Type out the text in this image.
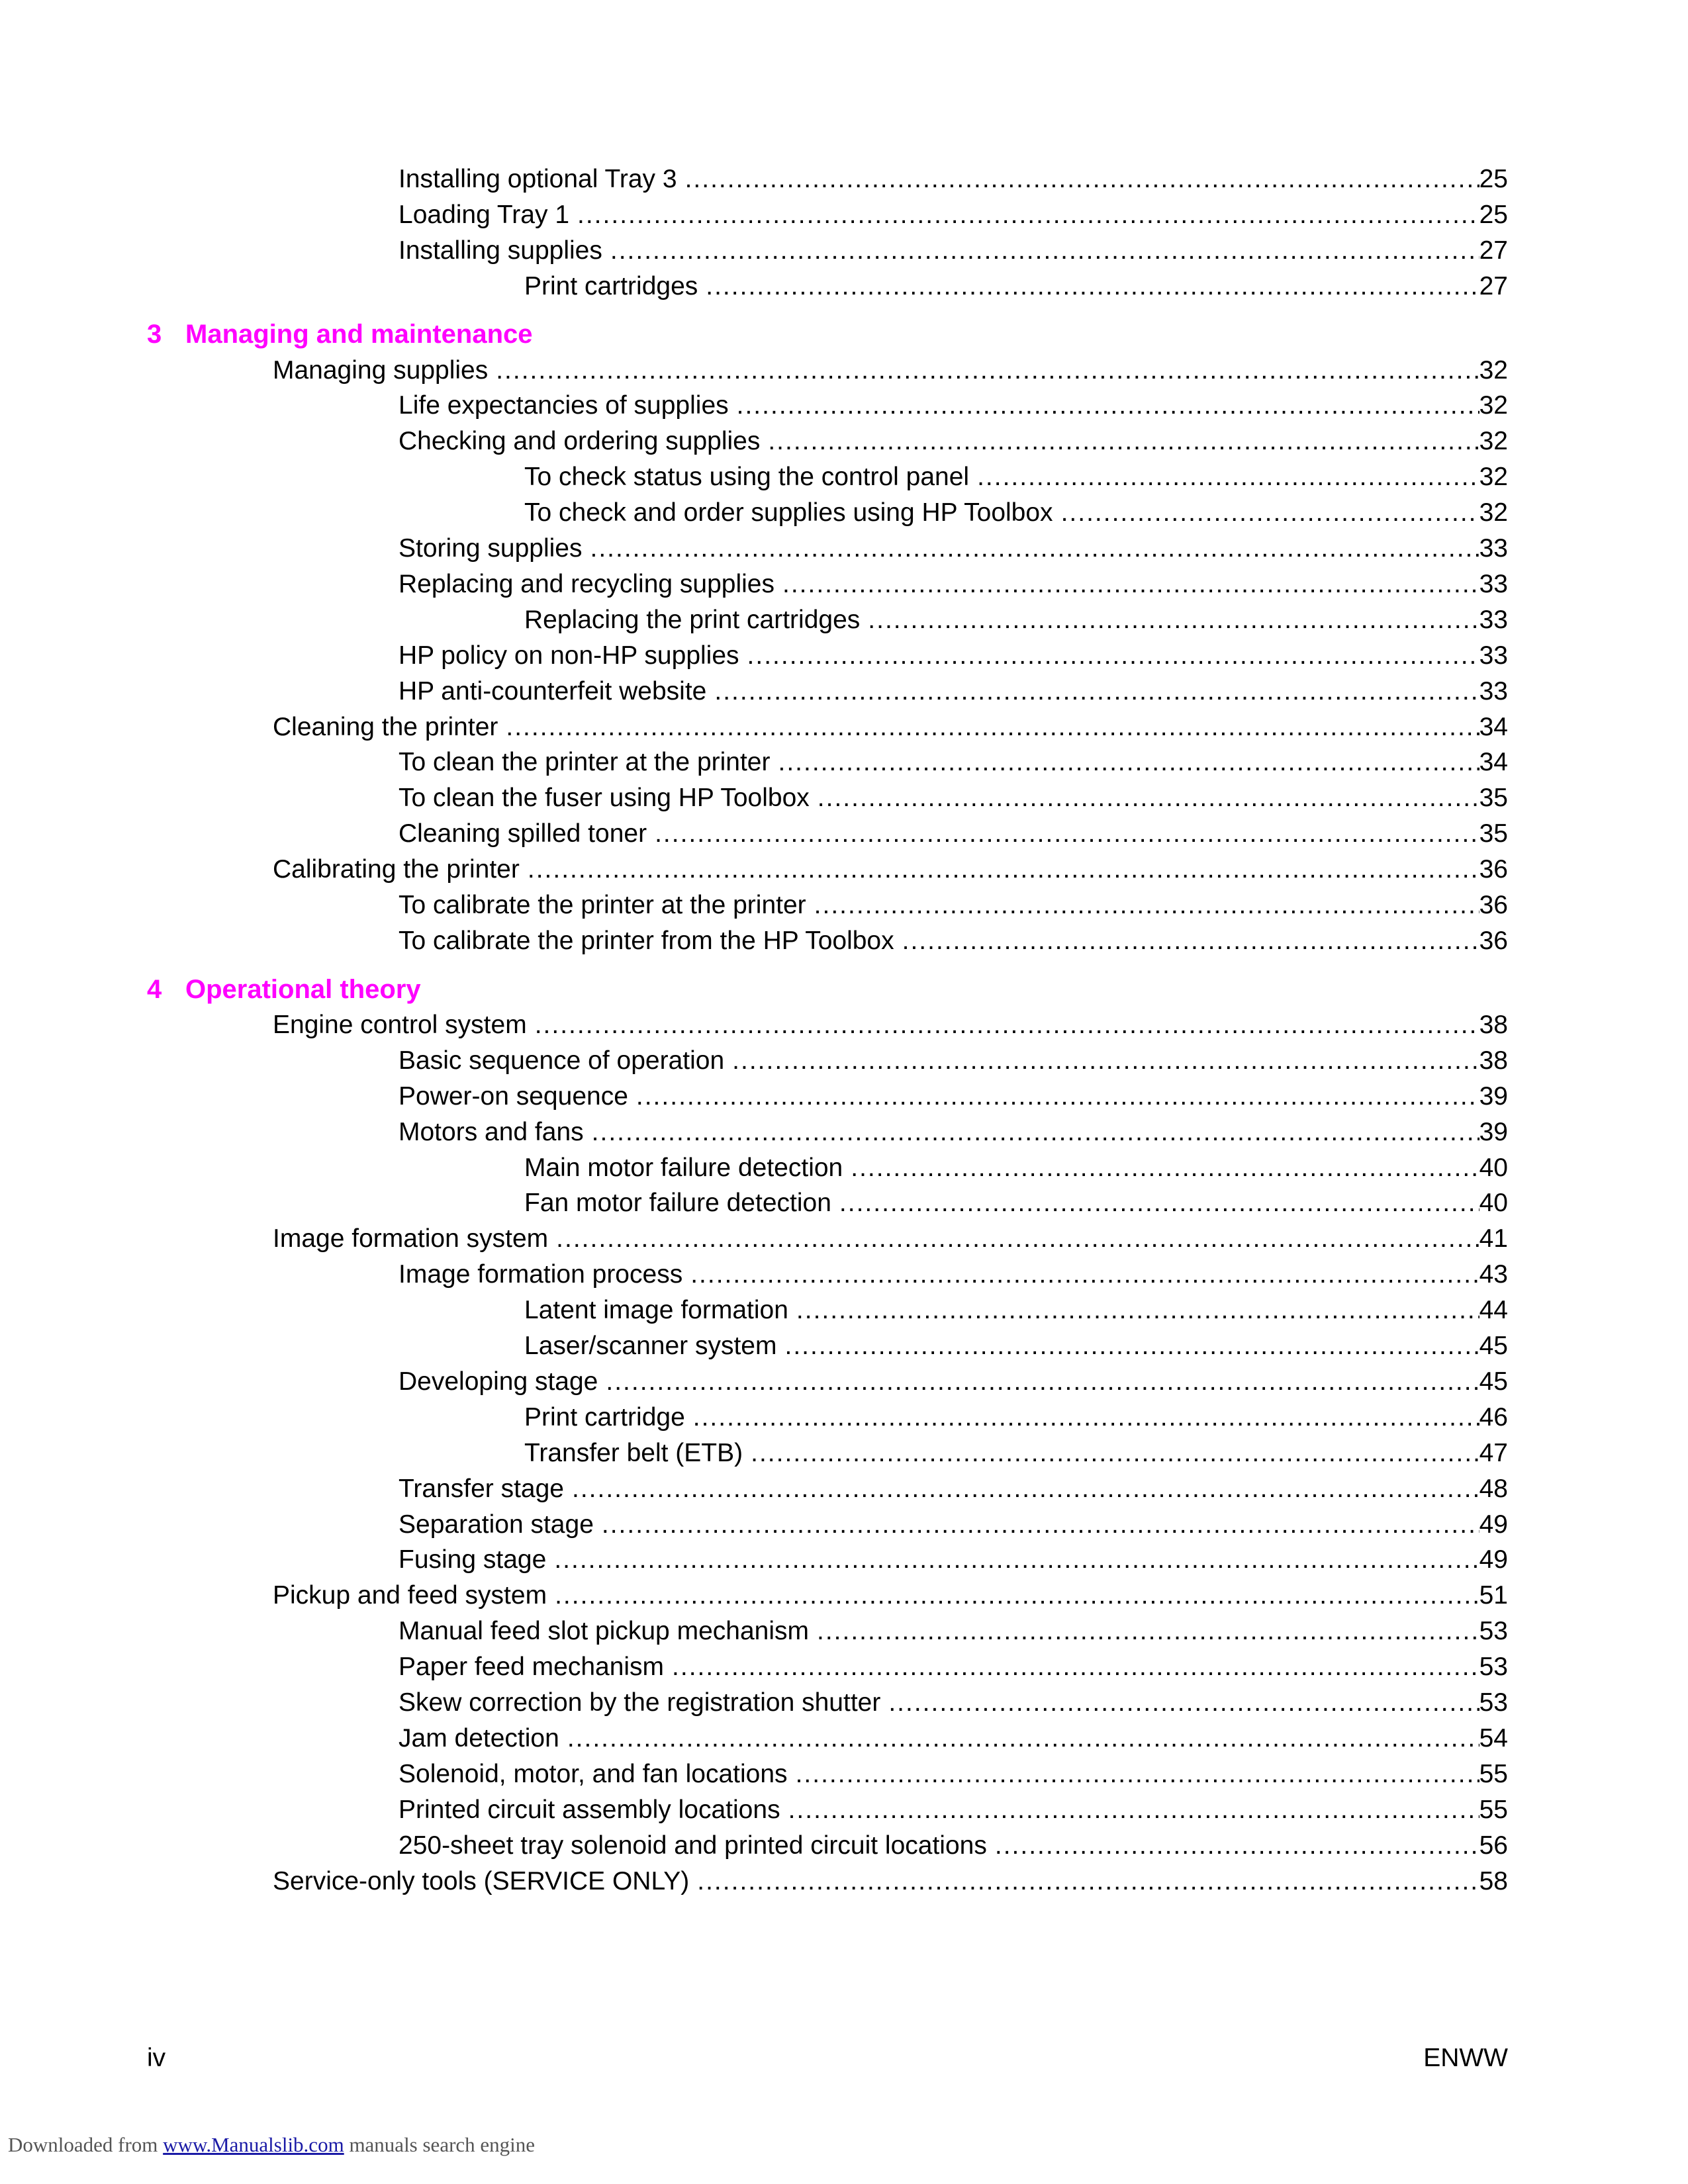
Installing optional Tray 3 .....	25
Loading Tray 1 .....	25
Installing supplies .....	27
Print cartridges .....	27
3 Managing and maintenance
Managing supplies .....	32
Life expectancies of supplies .....	32
Checking and ordering supplies .....	32
To check status using the control panel .....	32
To check and order supplies using HP Toolbox .....	32
Storing supplies .....	33
Replacing and recycling supplies .....	33
Replacing the print cartridges .....	33
HP policy on non-HP supplies .....	33
HP anti-counterfeit website .....	33
Cleaning the printer .....	34
To clean the printer at the printer .....	34
To clean the fuser using HP Toolbox .....	35
Cleaning spilled toner .....	35
Calibrating the printer .....	36
To calibrate the printer at the printer .....	36
To calibrate the printer from the HP Toolbox .....	36
4 Operational theory
Engine control system .....	38
Basic sequence of operation .....	38
Power-on sequence .....	39
Motors and fans .....	39
Main motor failure detection .....	40
Fan motor failure detection .....	40
Image formation system .....	41
Image formation process .....	43
Latent image formation .....	44
Laser/scanner system .....	45
Developing stage .....	45
Print cartridge .....	46
Transfer belt (ETB) .....	47
Transfer stage .....	48
Separation stage .....	49
Fusing stage .....	49
Pickup and feed system .....	51
Manual feed slot pickup mechanism .....	53
Paper feed mechanism .....	53
Skew correction by the registration shutter .....	53
Jam detection .....	54
Solenoid, motor, and fan locations .....	55
Printed circuit assembly locations .....	55
250-sheet tray solenoid and printed circuit locations .....	56
Service-only tools (SERVICE ONLY) .....	58
iv	ENWW
Downloaded from www.Manualslib.com manuals search engine
